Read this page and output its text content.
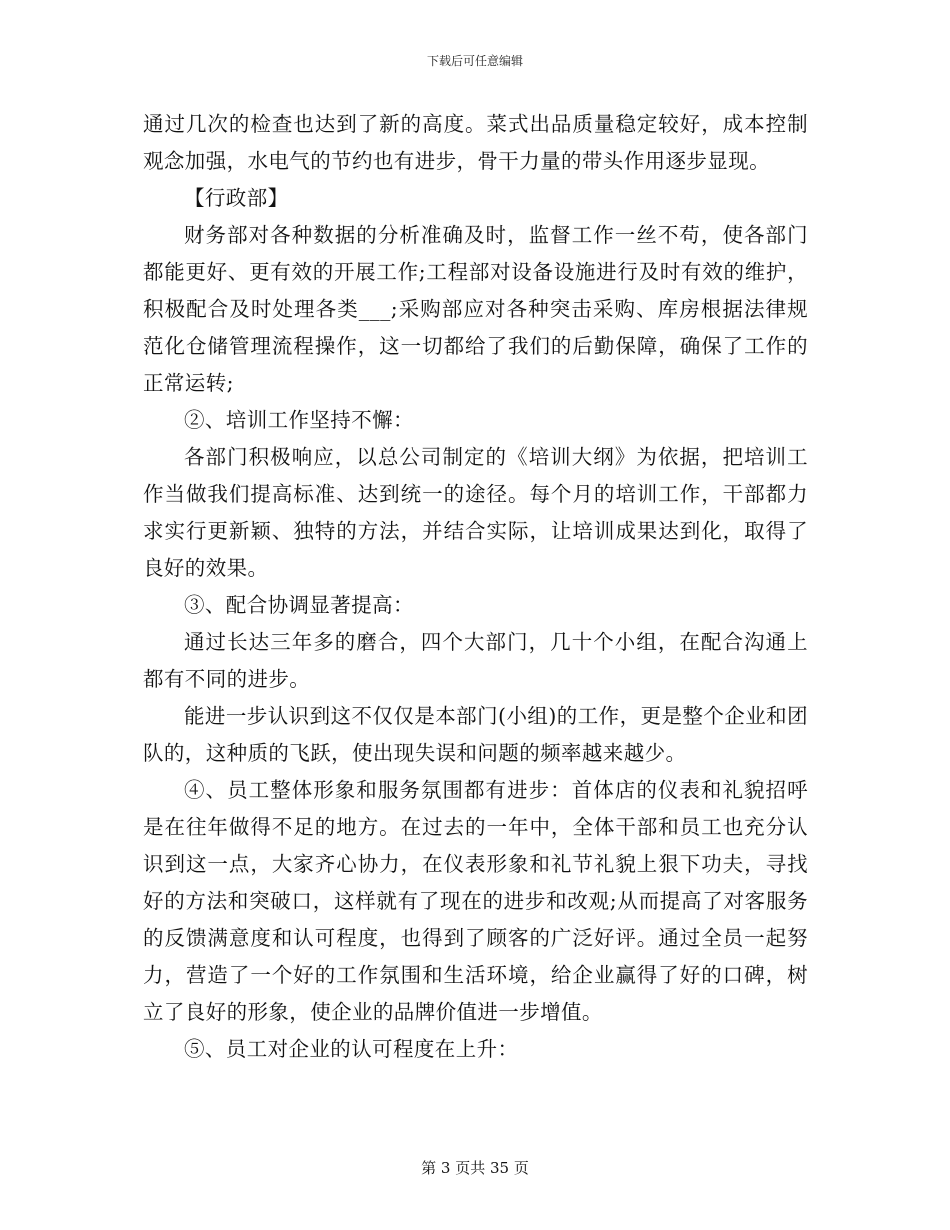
下载后可任意编辑

通过几次的检查也达到了新的高度。菜式出品质量稳定较好，成本控制观念加强，水电气的节约也有进步，骨干力量的带头作用逐步显现。

【行政部】

财务部对各种数据的分析准确及时，监督工作一丝不苟，使各部门都能更好、更有效的开展工作;工程部对设备设施进行及时有效的维护，积极配合及时处理各类___;采购部应对各种突击采购、库房根据法律规范化仓储管理流程操作，这一切都给了我们的后勤保障，确保了工作的正常运转;

②、培训工作坚持不懈：

各部门积极响应，以总公司制定的《培训大纲》为依据，把培训工作当做我们提高标准、达到统一的途径。每个月的培训工作，干部都力求实行更新颖、独特的方法，并结合实际，让培训成果达到化，取得了良好的效果。

③、配合协调显著提高：

通过长达三年多的磨合，四个大部门，几十个小组，在配合沟通上都有不同的进步。

能进一步认识到这不仅仅是本部门(小组)的工作，更是整个企业和团队的，这种质的飞跃，使出现失误和问题的频率越来越少。

④、员工整体形象和服务氛围都有进步：首体店的仪表和礼貌招呼是在往年做得不足的地方。在过去的一年中，全体干部和员工也充分认识到这一点，大家齐心协力，在仪表形象和礼节礼貌上狠下功夫，寻找好的方法和突破口，这样就有了现在的进步和改观;从而提高了对客服务的反馈满意度和认可程度，也得到了顾客的广泛好评。通过全员一起努力，营造了一个好的工作氛围和生活环境，给企业赢得了好的口碑，树立了良好的形象，使企业的品牌价值进一步增值。

⑤、员工对企业的认可程度在上升：

第 3 页共 35 页
